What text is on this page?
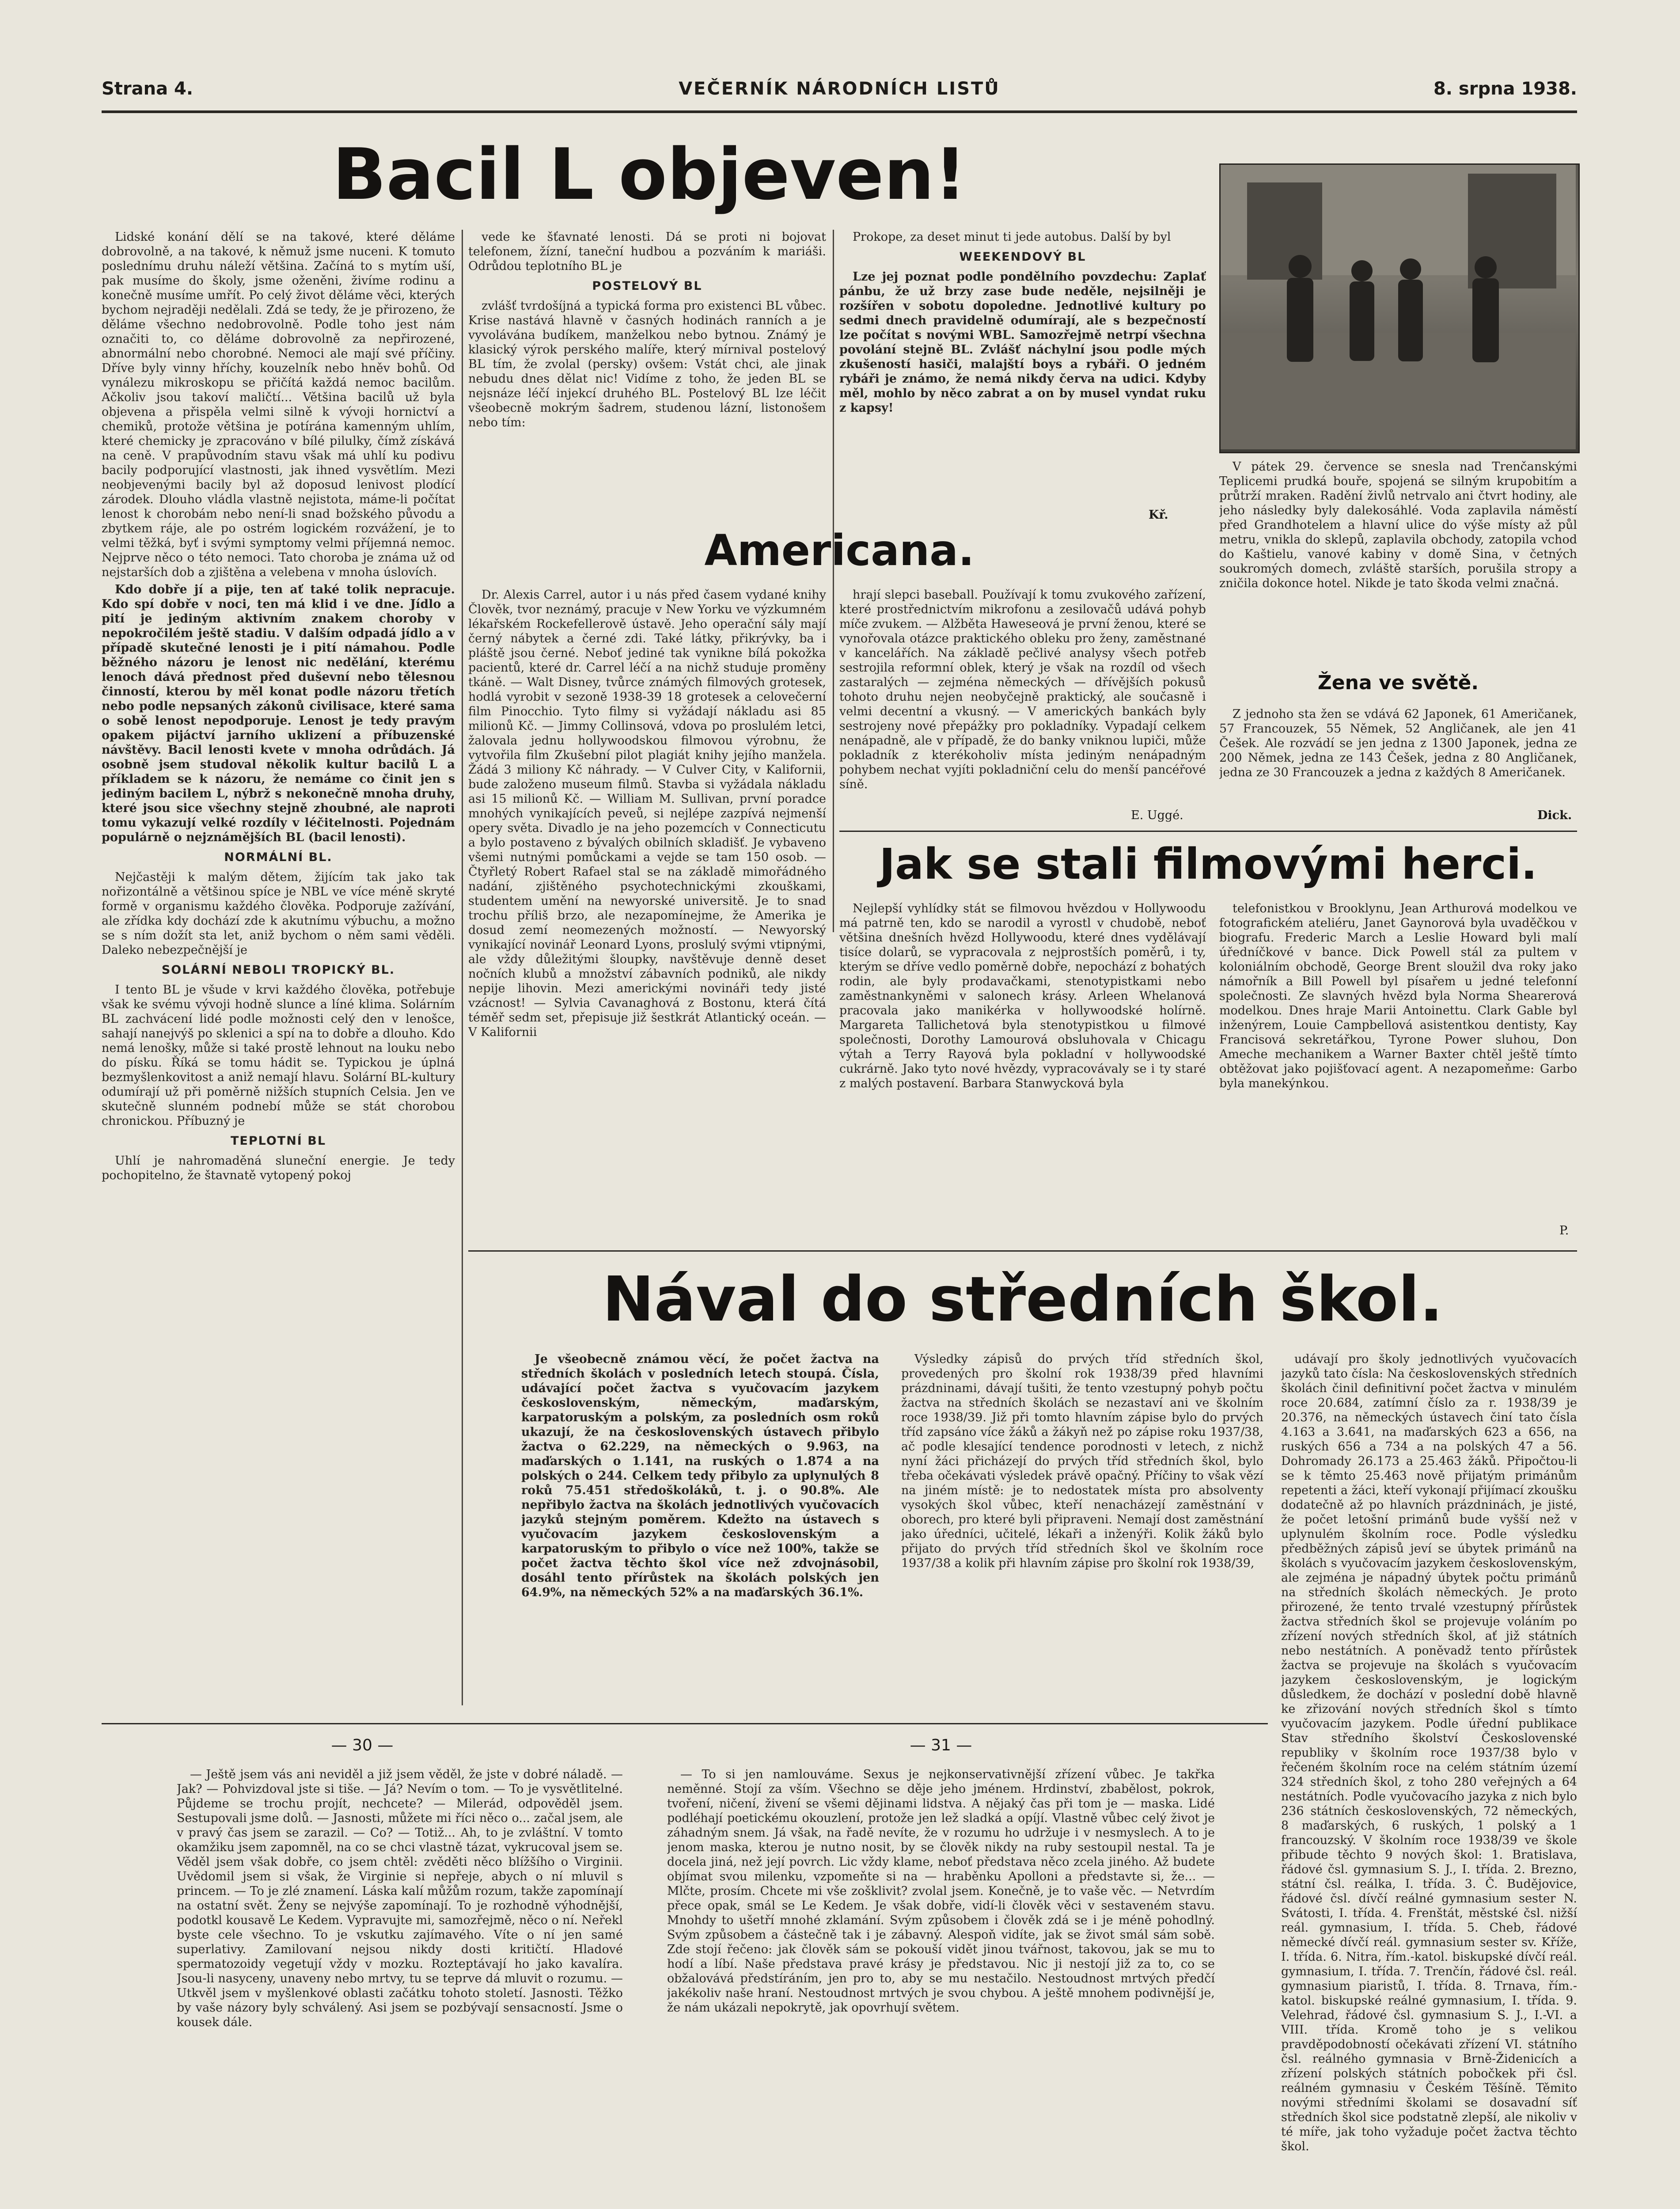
Strana 4.	VEČERNÍK NÁRODNÍCH LISTŮ	8. srpna 1938.
Bacil L objeven!

Lidské konání dělí se na takové, které děláme dobrovolně, a na takové, k němuž jsme nuceni. K tomuto poslednímu druhu náleží většina. Začíná to s mytím uší, pak musíme do školy, jsme oženěni, živíme rodinu a konečně musíme umřít. Po celý život děláme věci, kterých bychom nejraději nedělali. Zdá se tedy, že je přirozeno, že děláme všechno nedobrovolně. Podle toho jest nám označiti to, co děláme dobrovolně za nepřirozené, abnormální nebo chorobné. Nemoci ale mají své příčiny. Dříve byly vinny hříchy, kouzelník nebo hněv bohů. Od vynálezu mikroskopu se přičítá každá nemoc bacilům. Ačkoliv jsou takoví maličtí... Většina bacilů už byla objevena a přispěla velmi silně k vývoji hornictví a chemiků, protože většina je potírána kamenným uhlím, které chemicky je zpracováno v bílé pilulky, čímž získává na ceně. V prapůvodním stavu však má uhlí ku podivu bacily podporující vlastnosti, jak ihned vysvětlím. Mezi neobjevenými bacily byl až doposud lenivost plodící zárodek. Dlouho vládla vlastně nejistota, máme-li počítat lenost k chorobám nebo není-li snad božského původu a zbytkem ráje, ale po ostrém logickém rozvážení, je to velmi těžká, byť i svými symptomy velmi příjemná nemoc. Nejprve něco o této nemoci. Tato choroba je známa už od nejstarších dob a zjištěna a velebena v mnoha úslovích.

Kdo dobře jí a pije, ten ať také tolik nepracuje. Kdo spí dobře v noci, ten má klid i ve dne. Jídlo a pití je jediným aktivním znakem choroby v nepokročilém ještě stadiu. V dalším odpadá jídlo a v případě skutečné lenosti je i pití námahou. Podle běžného názoru je lenost nic nedělání, kterému lenoch dává přednost před duševní nebo tělesnou činností, kterou by měl konat podle názoru třetích nebo podle nepsaných zákonů civilisace, které sama o sobě lenost nepodporuje. Lenost je tedy pravým opakem pijáctví jarního uklizení a příbuzenské návštěvy. Bacil lenosti kvete v mnoha odrůdách. Já osobně jsem studoval několik kultur bacilů L a příkladem se k názoru, že nemáme co činit jen s jediným bacilem L, nýbrž s nekonečně mnoha druhy, které jsou sice všechny stejně zhoubné, ale naproti tomu vykazují velké rozdíly v léčitelnosti. Pojednám populárně o nejznámějších BL (bacil lenosti).

NORMÁLNÍ BL.

Nejčastěji k malým dětem, žijícím tak jako tak nořizontálně a většinou spíce je NBL ve více méně skryté formě v organismu každého člověka. Podporuje zažívání, ale zřídka kdy dochází zde k akutnímu výbuchu, a možno se s ním dožít sta let, aniž bychom o něm sami věděli. Daleko nebezpečnější je

SOLÁRNÍ NEBOLI TROPICKÝ BL.

I tento BL je všude v krvi každého člověka, potřebuje však ke svému vývoji hodně slunce a líné klima. Solárním BL zachvácení lidé podle možnosti celý den v lenošce, sahají nanejvýš po sklenici a spí na to dobře a dlouho. Kdo nemá lenošky, může si také prostě lehnout na louku nebo do písku. Říká se tomu hádit se. Typickou je úplná bezmyšlenkovitost a aniž nemají hlavu. Solární BL-kultury odumírají už při poměrně nižších stupních Celsia. Jen ve skutečně slunném podnebí může se stát chorobou chronickou. Příbuzný je

TEPLOTNÍ BL

Uhlí je nahromaděná sluneční energie. Je tedy pochopitelno, že štavnatě vytopený pokoj

vede ke šťavnaté lenosti. Dá se proti ni bojovat telefonem, žízní, taneční hudbou a pozváním k mariáši. Odrůdou teplotního BL je

POSTELOVÝ BL

zvlášť tvrdošíjná a typická forma pro existenci BL vůbec. Krise nastává hlavně v časných hodinách ranních a je vyvolávána budíkem, manželkou nebo bytnou. Známý je klasický výrok perského malíře, který mírnival postelový BL tím, že zvolal (persky) ovšem: Vstát chci, ale jinak nebudu dnes dělat nic! Vidíme z toho, že jeden BL se nejsnáze léčí injekcí druhého BL. Postelový BL lze léčit všeobecně mokrým šadrem, studenou lázní, listonošem nebo tím:

Prokope, za deset minut ti jede autobus. Další by byl

WEEKENDOVÝ BL

Lze jej poznat podle pondělního povzdechu: Zaplať pánbu, že už brzy zase bude neděle, nejsilněji je rozšířen v sobotu dopoledne. Jednotlivé kultury po sedmi dnech pravidelně odumírají, ale s bezpečností lze počítat s novými WBL. Samozřejmě netrpí všechna povolání stejně BL. Zvlášť náchylní jsou podle mých zkušeností hasiči, malajští boys a rybáři. O jedném rybáři je známo, že nemá nikdy červa na udici. Kdyby měl, mohlo by něco zabrat a on by musel vyndat ruku z kapsy!

Kř.

V pátek 29. července se snesla nad Trenčanskými Teplicemi prudká bouře, spojená se silným krupobitím a průtrží mraken. Radění živlů netrvalo ani čtvrt hodiny, ale jeho následky byly dalekosáhlé. Voda zaplavila náměstí před Grandhotelem a hlavní ulice do výše místy až půl metru, vnikla do sklepů, zaplavila obchody, zatopila vchod do Kaštielu, vanové kabiny v domě Sina, v četných soukromých domech, zvláště starších, porušila stropy a zničila dokonce hotel. Nikde je tato škoda velmi značná.

Žena ve světě.

Z jednoho sta žen se vdává 62 Japonek, 61 Američanek, 57 Francouzek, 55 Němek, 52 Angličanek, ale jen 41 Češek. Ale rozvádí se jen jedna z 1300 Japonek, jedna ze 200 Němek, jedna ze 143 Češek, jedna z 80 Angličanek, jedna ze 30 Francouzek a jedna z každých 8 Američanek.

Dick.
Americana.

Dr. Alexis Carrel, autor i u nás před časem vydané knihy Člověk, tvor neznámý, pracuje v New Yorku ve výzkumném lékařském Rockefellerově ústavě. Jeho operační sály mají černý nábytek a černé zdi. Také látky, přikrývky, ba i pláště jsou černé. Neboť jediné tak vynikne bílá pokožka pacientů, které dr. Carrel léčí a na nichž studuje proměny tkáně. — Walt Disney, tvůrce známých filmových grotesek, hodlá vyrobit v sezoně 1938-39 18 grotesek a celovečerní film Pinocchio. Tyto filmy si vyžádají nákladu asi 85 milionů Kč. — Jimmy Collinsová, vdova po proslulém letci, žalovala jednu hollywoodskou filmovou výrobnu, že vytvořila film Zkušební pilot plagiát knihy jejího manžela. Žádá 3 miliony Kč náhrady. — V Culver City, v Kalifornii, bude založeno museum filmů. Stavba si vyžádala nákladu asi 15 milionů Kč. — William M. Sullivan, první poradce mnohých vynikajících peveů, si nejlépe zazpívá nejmenší opery světa. Divadlo je na jeho pozemcích v Connecticutu a bylo postaveno z bývalých obilních skladišť. Je vybaveno všemi nutnými pomůckami a vejde se tam 150 osob. — Čtyřletý Robert Rafael stal se na základě mimořádného nadání, zjištěného psychotechnickými zkouškami, studentem umění na newyorské universitě. Je to snad trochu příliš brzo, ale nezapomínejme, že Amerika je dosud zemí neomezených možností. — Newyorský vynikající novinář Leonard Lyons, proslulý svými vtipnými, ale vždy důležitými šloupky, navštěvuje denně deset nočních klubů a množství zábavních podniků, ale nikdy nepije lihovin. Mezi americkými novináři tedy jisté vzácnost! — Sylvia Cavanaghová z Bostonu, která čítá téměř sedm set, přepisuje již šestkrát Atlantický oceán. — V Kalifornii

hrají slepci baseball. Používají k tomu zvukového zařízení, které prostřednictvím mikrofonu a zesilovačů udává pohyb míče zvukem. — Alžběta Haweseová je první ženou, které se vynořovala otázce praktického obleku pro ženy, zaměstnané v kancelářích. Na základě pečlivé analysy všech potřeb sestrojila reformní oblek, který je však na rozdíl od všech zastaralých — zejména německých — dřívějších pokusů tohoto druhu nejen neobyčejně praktický, ale současně i velmi decentní a vkusný. — V amerických bankách byly sestrojeny nové přepážky pro pokladníky. Vypadají celkem nenápadně, ale v případě, že do banky vniknou lupiči, může pokladník z kterékoholiv místa jediným nenápadným pohybem nechat vyjíti pokladniční celu do menší pancéřové síně.

E. Uggé.
Jak se stali filmovými herci.

Nejlepší vyhlídky stát se filmovou hvězdou v Hollywoodu má patrně ten, kdo se narodil a vyrostl v chudobě, neboť většina dnešních hvězd Hollywoodu, které dnes vydělávají tisíce dolarů, se vypracovala z nejprostších poměrů, i ty, kterým se dříve vedlo poměrně dobře, nepochází z bohatých rodin, ale byly prodavačkami, stenotypistkami nebo zaměstnankyněmi v salonech krásy. Arleen Whelanová pracovala jako manikérka v hollywoodské holírně. Margareta Tallichetová byla stenotypistkou u filmové společnosti, Dorothy Lamourová obsluhovala v Chicagu výtah a Terry Rayová byla pokladní v hollywoodské cukrárně. Jako tyto nové hvězdy, vypracovávaly se i ty staré z malých postavení. Barbara Stanwycková byla

telefonistkou v Brooklynu, Jean Arthurová modelkou ve fotografickém ateliéru, Janet Gaynorová byla uvaděčkou v biografu. Frederic March a Leslie Howard byli malí úředníčkové v bance. Dick Powell stál za pultem v koloniálním obchodě, George Brent sloužil dva roky jako námořník a Bill Powell byl písařem u jedné telefonní společnosti. Ze slavných hvězd byla Norma Shearerová modelkou. Dnes hraje Marii Antoinettu. Clark Gable byl inženýrem, Louie Campbellová asistentkou dentisty, Kay Francisová sekretářkou, Tyrone Power sluhou, Don Ameche mechanikem a Warner Baxter chtěl ještě tímto obtěžovat jako pojišťovací agent. A nezapomeňme: Garbo byla manekýnkou.

P.
Nával do středních škol.

Je všeobecně známou věcí, že počet žactva na středních školách v posledních letech stoupá. Čísla, udávající počet žactva s vyučovacím jazykem československým, německým, maďarským, karpatoruským a polským, za posledních osm roků ukazují, že na československých ústavech přibylo žactva o 62.229, na německých o 9.963, na maďarských o 1.141, na ruských o 1.874 a na polských o 244. Celkem tedy přibylo za uplynulých 8 roků 75.451 středoškoláků, t. j. o 90.8%. Ale nepřibylo žactva na školách jednotlivých vyučovacích jazyků stejným poměrem. Kdežto na ústavech s vyučovacím jazykem československým a karpatoruským to přibylo o více než 100%, takže se počet žactva těchto škol více než zdvojnásobil, dosáhl tento přírůstek na školách polských jen 64.9%, na německých 52% a na maďarských 36.1%.

Výsledky zápisů do prvých tříd středních škol, provedených pro školní rok 1938/39 před hlavními prázdninami, dávají tušiti, že tento vzestupný pohyb počtu žactva na středních školách se nezastaví ani ve školním roce 1938/39. Již při tomto hlavním zápise bylo do prvých tříd zapsáno více žáků a žákyň než po zápise roku 1937/38, ač podle klesající tendence porodnosti v letech, z nichž nyní žáci přicházejí do prvých tříd středních škol, bylo třeba očekávati výsledek právě opačný. Příčiny to však vězí na jiném místě: je to nedostatek místa pro absolventy vysokých škol vůbec, kteří nenacházejí zaměstnání v oborech, pro které byli připraveni. Nemají dost zaměstnání jako úředníci, učitelé, lékaři a inženýři. Kolik žáků bylo přijato do prvých tříd středních škol ve školním roce 1937/38 a kolik při hlavním zápise pro školní rok 1938/39,

udávají pro školy jednotlivých vyučovacích jazyků tato čísla: Na československých středních školách činil definitivní počet žactva v minulém roce 20.684, zatímní číslo za r. 1938/39 je 20.376, na německých ústavech činí tato čísla 4.163 a 3.641, na maďarských 623 a 656, na ruských 656 a 734 a na polských 47 a 56. Dohromady 26.173 a 25.463 žáků. Připočtou-li se k těmto 25.463 nově přijatým primánům repetenti a žáci, kteří vykonají přijímací zkoušku dodatečně až po hlavních prázdninách, je jisté, že počet letošní primánů bude vyšší než v uplynulém školním roce. Podle výsledku předběžných zápisů jeví se úbytek primánů na školách s vyučovacím jazykem československým, ale zejména je nápadný úbytek počtu primánů na středních školách německých. Je proto přirozené, že tento trvalé vzestupný přírůstek žactva středních škol se projevuje voláním po zřízení nových středních škol, ať již státních nebo nestátních. A poněvadž tento přírůstek žactva se projevuje na školách s vyučovacím jazykem československým, je logickým důsledkem, že dochází v poslední době hlavně ke zřizování nových středních škol s tímto vyučovacím jazykem. Podle úřední publikace Stav středního školství Československé republiky v školním roce 1937/38 bylo v řečeném školním roce na celém státním území 324 středních škol, z toho 280 veřejných a 64 nestátních. Podle vyučovacího jazyka z nich bylo 236 státních československých, 72 německých, 8 maďarských, 6 ruských, 1 polský a 1 francouzský. V školním roce 1938/39 ve škole přibude těchto 9 nových škol: 1. Bratislava, řádové čsl. gymnasium S. J., I. třída. 2. Brezno, státní čsl. reálka, I. třída. 3. Č. Budějovice, řádové čsl. dívčí reálné gymnasium sester N. Svátosti, I. třída. 4. Frenštát, městské čsl. nižší reál. gymnasium, I. třída. 5. Cheb, řádové německé dívčí reál. gymnasium sester sv. Kříže, I. třída. 6. Nitra, řím.-katol. biskupské dívčí reál. gymnasium, I. třída. 7. Trenčín, řádové čsl. reál. gymnasium piaristů, I. třída. 8. Trnava, řím.-katol. biskupské reálné gymnasium, I. třída. 9. Velehrad, řádové čsl. gymnasium S. J., I.-VI. a VIII. třída. Kromě toho je s velikou pravděpodobností očekávati zřízení VI. státního čsl. reálného gymnasia v Brně-Židenicích a zřízení polských státních pobočkek při čsl. reálném gymnasiu v Českém Těšíně. Těmito novými středními školami se dosavadní síť středních škol sice podstatně zlepší, ale nikoliv v té míře, jak toho vyžaduje počet žactva těchto škol.

— 30 —	— 31 —

— Ještě jsem vás ani neviděl a již jsem věděl, že jste v dobré náladě. — Jak? — Pohvizdoval jste si tiše. — Já? Nevím o tom. — To je vysvětlitelné. Půjdeme se trochu projít, nechcete? — Milerád, odpověděl jsem. Sestupovali jsme dolů. — Jasnosti, můžete mi říci něco o... začal jsem, ale v pravý čas jsem se zarazil. — Co? — Totiž... Ah, to je zvláštní. V tomto okamžiku jsem zapomněl, na co se chci vlastně tázat, vykrucoval jsem se. Věděl jsem však dobře, co jsem chtěl: zvěděti něco blížšího o Virginii. Uvědomil jsem si však, že Virginie si nepřeje, abych o ní mluvil s princem. — To je zlé znamení. Láska kalí můžům rozum, takže zapomínají na ostatní svět. Ženy se nejvýše zapomínají. To je rozhodně výhodnější, podotkl kousavě Le Kedem. Vypravujte mi, samozřejmě, něco o ní. Neřekl byste cele všechno. To je vskutku zajímavého. Víte o ní jen samé superlativy. Zamilovaní nejsou nikdy dosti kritičtí. Hladové spermatozoidy vegetují vždy v mozku. Rozteptávají ho jako kavalíra. Jsou-li nasyceny, unaveny nebo mrtvy, tu se teprve dá mluvit o rozumu. — Utkvěl jsem v myšlenkové oblasti začátku tohoto století. Jasnosti. Těžko by vaše názory byly schválený. Asi jsem se pozbývají sensacností. Jsme o kousek dále.

— To si jen namlouváme. Sexus je nejkonservativnější zřízení vůbec. Je takřka neměnné. Stojí za vším. Všechno se děje jeho jménem. Hrdinství, zbabělost, pokrok, tvoření, ničení, živení se všemi dějinami lidstva. A nějaký čas při tom je — maska. Lidé podléhají poetickému okouzlení, protože jen lež sladká a opíjí. Vlastně vůbec celý život je záhadným snem. Já však, na řadě nevíte, že v rozumu ho udržuje i v nesmyslech. A to je jenom maska, kterou je nutno nosit, by se člověk nikdy na ruby sestoupil nestal. Ta je docela jiná, než její povrch. Lic vždy klame, neboť představa něco zcela jiného. Až budete objímat svou milenku, vzpomeňte si na — hraběnku Apolloni a představte si, že... — Mlčte, prosím. Chcete mi vše zošklivit? zvolal jsem. Konečně, je to vaše věc. — Netvrdím přece opak, smál se Le Kedem. Je však dobře, vidí-li člověk věci v sestaveném stavu. Mnohdy to ušetří mnohé zklamání. Svým způsobem i člověk zdá se i je méně pohodlný. Svým způsobem a částečně tak i je zábavný. Alespoň vidíte, jak se život smál sám sobě. Zde stojí řečeno: jak člověk sám se pokouší vidět jinou tvářnost, takovou, jak se mu to hodí a líbí. Naše představa pravé krásy je představou. Nic ji nestojí již za to, co se obžalovává předstíráním, jen pro to, aby se mu nestačilo. Nestoudnost mrtvých předčí jakékoliv naše hraní. Nestoudnost mrtvých je svou chybou. A ještě mnohem podivnější je, že nám ukázali nepokrytě, jak opovrhují světem.
